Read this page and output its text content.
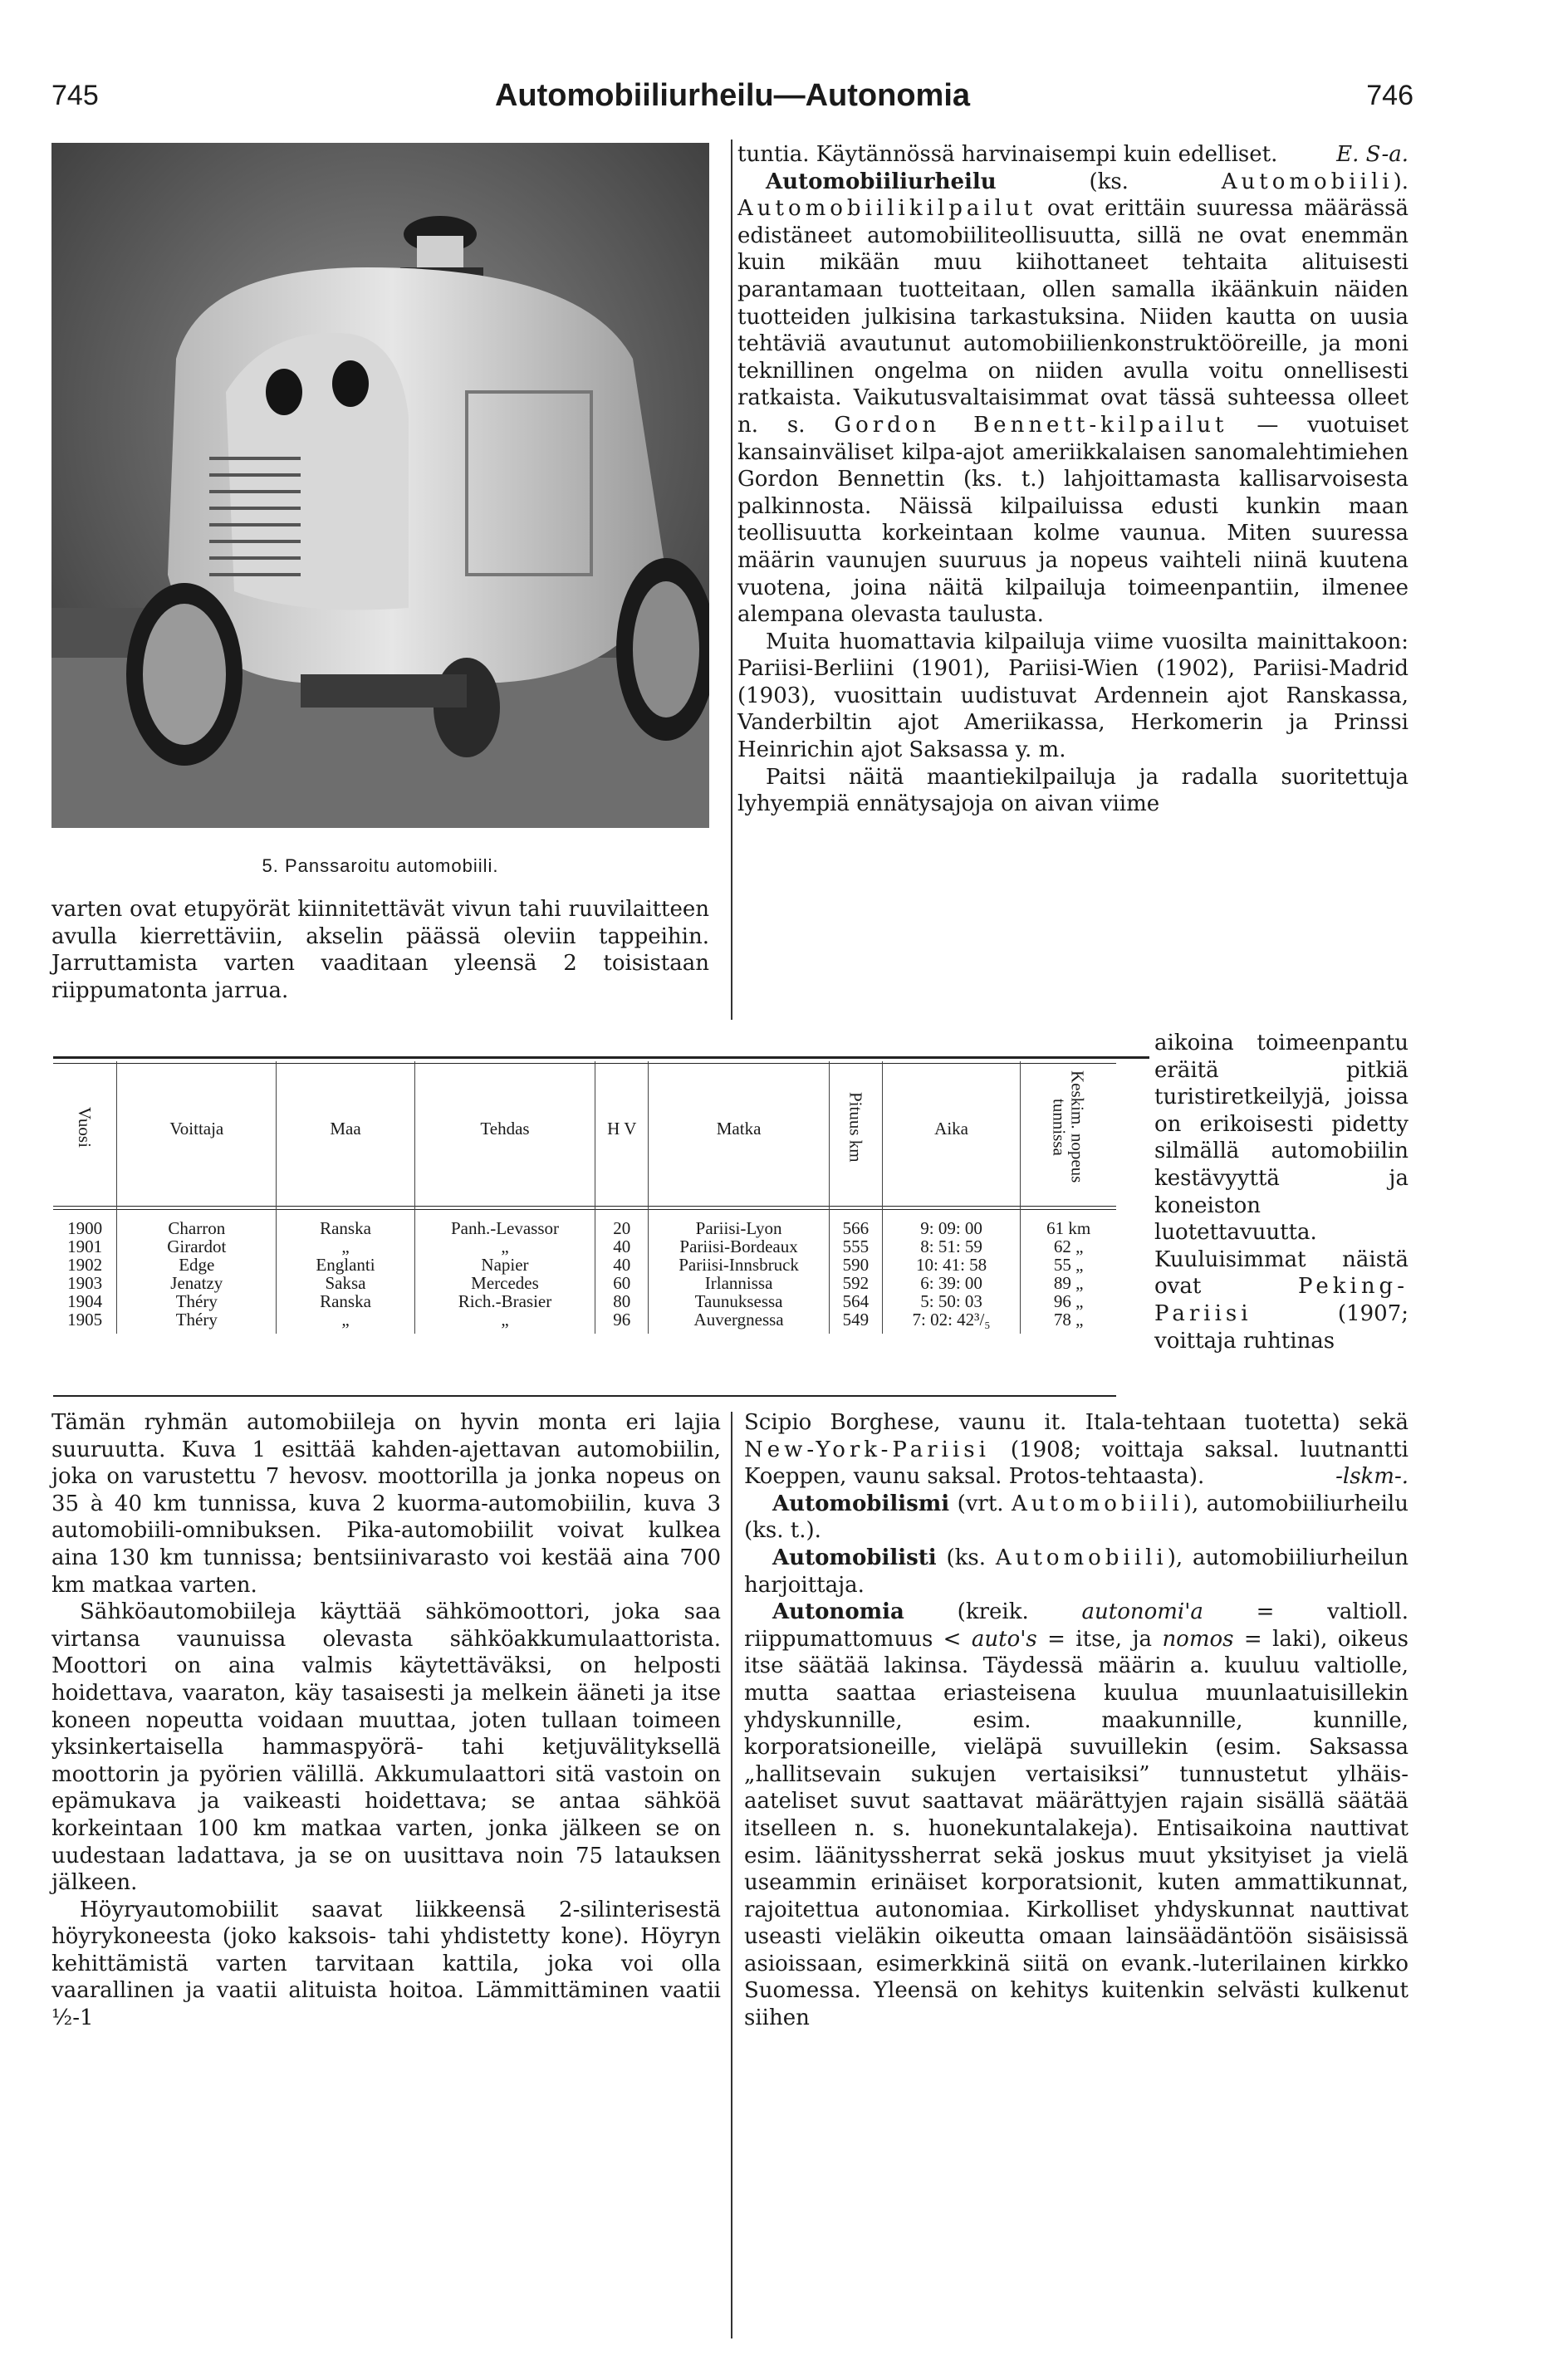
745	Automobiiliurheilu—Autonomia	746
5. Panssaroitu automobiili.

varten ovat etupyörät kiinnitettävät vivun tahi ruuvilaitteen avulla kierrettäviin, akselin päässä oleviin tappeihin. Jarruttamista varten vaaditaan yleensä 2 toisistaan riippumatonta jarrua.

tuntia. Käytännössä harvinaisempi kuin edelliset.	E. S-a.

Automobiiliurheilu (ks. Automobiili). Automobiilikilpailut ovat erittäin suuressa määrässä edistäneet automobiiliteollisuutta, sillä ne ovat enemmän kuin mikään muu kiihottaneet tehtaita alituisesti parantamaan tuotteitaan, ollen samalla ikäänkuin näiden tuotteiden julkisina tarkastuksina. Niiden kautta on uusia tehtäviä avautunut automobiilienkonstruktööreille, ja moni teknillinen ongelma on niiden avulla voitu onnellisesti ratkaista. Vaikutusvaltaisimmat ovat tässä suhteessa olleet n. s. Gordon Bennett-kilpailut — vuotuiset kansainväliset kilpa-ajot ameriikkalaisen sanomalehtimiehen Gordon Bennettin (ks. t.) lahjoittamasta kallisarvoisesta palkinnosta. Näissä kilpailuissa edusti kunkin maan teollisuutta korkeintaan kolme vaunua. Miten suuressa määrin vaunujen suuruus ja nopeus vaihteli niinä kuutena vuotena, joina näitä kilpailuja toimeenpantiin, ilmenee alempana olevasta taulusta.

Muita huomattavia kilpailuja viime vuosilta mainittakoon: Pariisi-Berliini (1901), Pariisi-Wien (1902), Pariisi-Madrid (1903), vuosittain uudistuvat Ardennein ajot Ranskassa, Vanderbiltin ajot Ameriikassa, Herkomerin ja Prinssi Heinrichin ajot Saksassa y. m.

Paitsi näitä maantiekilpailuja ja radalla suoritettuja lyhyempiä ennätysajoja on aivan viime

aikoina toimeenpantu eräitä pitkiä turistiretkeilyjä, joissa on erikoisesti pidetty silmällä automobiilin kestävyyttä ja koneiston luotettavuutta. Kuuluisimmat näistä ovat Peking-Pariisi (1907; voittaja ruhtinas

Vuosi	Voittaja	Maa	Tehdas	H V	Matka	Pituus km	Aika	Keskim. nopeus tunnissa
1900	Charron	Ranska	Panh.-Levassor	20	Pariisi-Lyon	566	9: 09: 00	61 km
1901	Girardot	„	„	40	Pariisi-Bordeaux	555	8: 51: 59	62 „
1902	Edge	Englanti	Napier	40	Pariisi-Innsbruck	590	10: 41: 58	55 „
1903	Jenatzy	Saksa	Mercedes	60	Irlannissa	592	6: 39: 00	89 „
1904	Théry	Ranska	Rich.-Brasier	80	Taunuksessa	564	5: 50: 03	96 „
1905	Théry	„	„	96	Auvergnessa	549	7: 02: 42³/₅	78 „

Tämän ryhmän automobiileja on hyvin monta eri lajia suuruutta. Kuva 1 esittää kahden-ajettavan automobiilin, joka on varustettu 7 hevosv. moottorilla ja jonka nopeus on 35 à 40 km tunnissa, kuva 2 kuorma-automobiilin, kuva 3 automobiili-omnibuksen. Pika-automobiilit voivat kulkea aina 130 km tunnissa; bentsiinivarasto voi kestää aina 700 km matkaa varten.

Sähköautomobiileja käyttää sähkömoottori, joka saa virtansa vaunuissa olevasta sähköakkumulaattorista. Moottori on aina valmis käytettäväksi, on helposti hoidettava, vaaraton, käy tasaisesti ja melkein ääneti ja itse koneen nopeutta voidaan muuttaa, joten tullaan toimeen yksinkertaisella hammaspyörä- tahi ketjuvälityksellä moottorin ja pyörien välillä. Akkumulaattori sitä vastoin on epämukava ja vaikeasti hoidettava; se antaa sähköä korkeintaan 100 km matkaa varten, jonka jälkeen se on uudestaan ladattava, ja se on uusittava noin 75 latauksen jälkeen.

Höyryautomobiilit saavat liikkeensä 2-silinterisestä höyrykoneesta (joko kaksois- tahi yhdistetty kone). Höyryn kehittämistä varten tarvitaan kattila, joka voi olla vaarallinen ja vaatii alituista hoitoa. Lämmittäminen vaatii ½-1

Scipio Borghese, vaunu it. Itala-tehtaan tuotetta) sekä New-York-Pariisi (1908; voittaja saksal. luutnantti Koeppen, vaunu saksal. Protos-tehtaasta).	-lskm-.

Automobilismi (vrt. Automobiili), automobiiliurheilu (ks. t.).

Automobilisti (ks. Automobiili), automobiiliurheilun harjoittaja.

Autonomia (kreik. autonomi'a = valtioll. riippumattomuus < auto's = itse, ja nomos = laki), oikeus itse säätää lakinsa. Täydessä määrin a. kuuluu valtiolle, mutta saattaa eriasteisena kuulua muunlaatuisillekin yhdyskunnille, esim. maakunnille, kunnille, korporatsioneille, vieläpä suvuillekin (esim. Saksassa „hallitsevain sukujen vertaisiksi” tunnustetut ylhäis-aateliset suvut saattavat määrättyjen rajain sisällä säätää itselleen n. s. huonekuntalakeja). Entisaikoina nauttivat esim. läänityssherrat sekä joskus muut yksityiset ja vielä useammin erinäiset korporatsionit, kuten ammattikunnat, rajoitettua autonomiaa. Kirkolliset yhdyskunnat nauttivat useasti vieläkin oikeutta omaan lainsäädäntöön sisäisissä asioissaan, esimerkkinä siitä on evank.-luterilainen kirkko Suomessa. Yleensä on kehitys kuitenkin selvästi kulkenut siihen
